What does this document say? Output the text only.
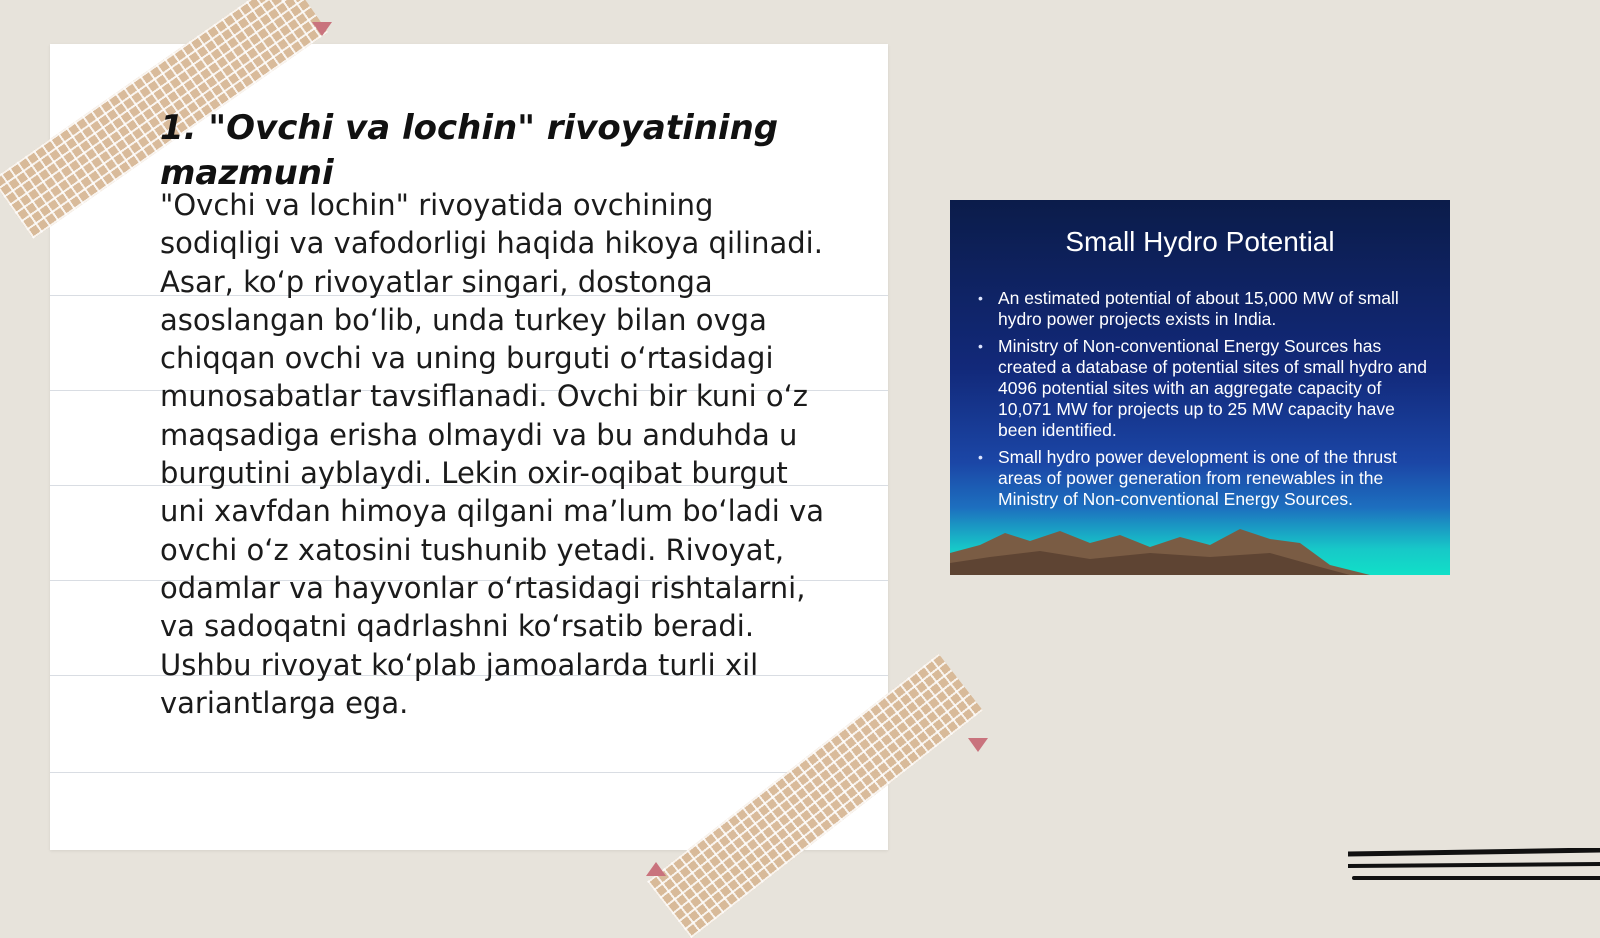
1. "Ovchi va lochin" rivoyatining mazmuni

"Ovchi va lochin" rivoyatida ovchining sodiqligi va vafodorligi haqida hikoya qilinadi. Asar, koʻp rivoyatlar singari, dostonga asoslangan boʻlib, unda turkey bilan ovga chiqqan ovchi va uning burguti oʻrtasidagi munosabatlar tavsiflanadi. Ovchi bir kuni oʻz maqsadiga erisha olmaydi va bu anduhda u burgutini ayblaydi. Lekin oxir-oqibat burgut uni xavfdan himoya qilgani maʼlum boʻladi va ovchi oʻz xatosini tushunib yetadi. Rivoyat, odamlar va hayvonlar oʻrtasidagi rishtalarni, va sadoqatni qadrlashni koʻrsatib beradi. Ushbu rivoyat koʻplab jamoalarda turli xil variantlarga ega.

Small Hydro Potential
• An estimated potential of about 15,000 MW of small hydro power projects exists in India.
• Ministry of Non-conventional Energy Sources has created a database of potential sites of small hydro and 4096 potential sites with an aggregate capacity of 10,071 MW for projects up to 25 MW capacity have been identified.
• Small hydro power development is one of the thrust areas of power generation from renewables in the Ministry of Non-conventional Energy Sources.
